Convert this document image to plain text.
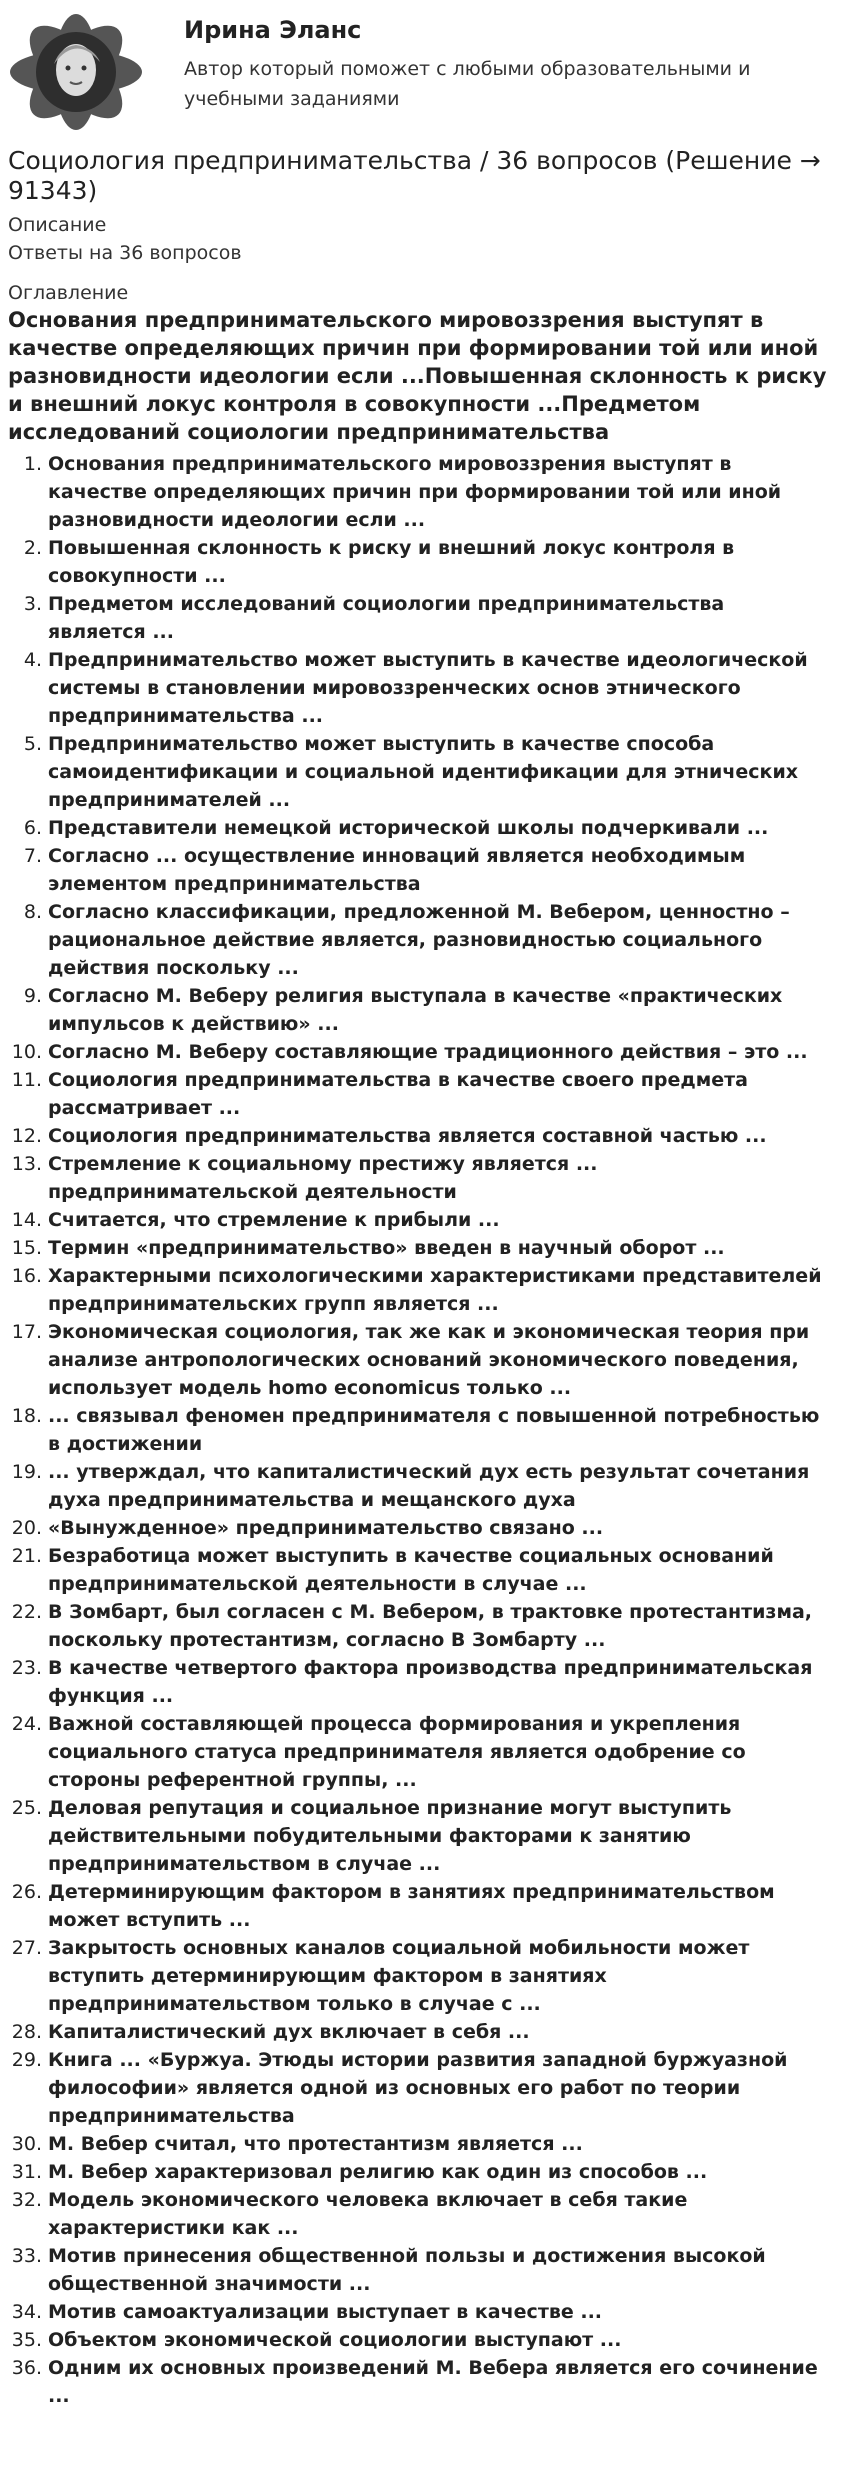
Ирина Эланс
Автор который поможет с любыми образовательными и учебными заданиями
Социология предпринимательства / 36 вопросов (Решение → 91343)
Описание
Ответы на 36 вопросов
Оглавление
Основания предпринимательского мировоззрения выступят в качестве определяющих причин при формировании той или иной разновидности идеологии если ...Повышенная склонность к риску и внешний локус контроля в совокупности ...Предметом исследований социологии предпринимательства
1. Основания предпринимательского мировоззрения выступят в качестве определяющих причин при формировании той или иной разновидности идеологии если ...
2. Повышенная склонность к риску и внешний локус контроля в совокупности ...
3. Предметом исследований социологии предпринимательства является ...
4. Предпринимательство может выступить в качестве идеологической системы в становлении мировоззренческих основ этнического предпринимательства ...
5. Предпринимательство может выступить в качестве способа самоидентификации и социальной идентификации для этнических предпринимателей ...
6. Представители немецкой исторической школы подчеркивали ...
7. Согласно ... осуществление инноваций является необходимым элементом предпринимательства
8. Согласно классификации, предложенной М. Вебером, ценностно – рациональное действие является, разновидностью социального действия поскольку ...
9. Согласно М. Веберу религия выступала в качестве «практических импульсов к действию» ...
10. Согласно М. Веберу составляющие традиционного действия – это ...
11. Социология предпринимательства в качестве своего предмета рассматривает ...
12. Социология предпринимательства является составной частью ...
13. Стремление к социальному престижу является ... предпринимательской деятельности
14. Считается, что стремление к прибыли ...
15. Термин «предпринимательство» введен в научный оборот ...
16. Характерными психологическими характеристиками представителей предпринимательских групп является ...
17. Экономическая социология, так же как и экономическая теория при анализе антропологических оснований экономического поведения, использует модель homo economicus только ...
18. ... связывал феномен предпринимателя с повышенной потребностью в достижении
19. ... утверждал, что капиталистический дух есть результат сочетания духа предпринимательства и мещанского духа
20. «Вынужденное» предпринимательство связано ...
21. Безработица может выступить в качестве социальных оснований предпринимательской деятельности в случае ...
22. В Зомбарт, был согласен с М. Вебером, в трактовке протестантизма, поскольку протестантизм, согласно В Зомбарту ...
23. В качестве четвертого фактора производства предпринимательская функция ...
24. Важной составляющей процесса формирования и укрепления социального статуса предпринимателя является одобрение со стороны референтной группы, ...
25. Деловая репутация и социальное признание могут выступить действительными побудительными факторами к занятию предпринимательством в случае ...
26. Детерминирующим фактором в занятиях предпринимательством может вступить ...
27. Закрытость основных каналов социальной мобильности может вступить детерминирующим фактором в занятиях предпринимательством только в случае с ...
28. Капиталистический дух включает в себя ...
29. Книга ... «Буржуа. Этюды истории развития западной буржуазной философии» является одной из основных его работ по теории предпринимательства
30. М. Вебер считал, что протестантизм является ...
31. М. Вебер характеризовал религию как один из способов ...
32. Модель экономического человека включает в себя такие характеристики как ...
33. Мотив принесения общественной пользы и достижения высокой общественной значимости ...
34. Мотив самоактуализации выступает в качестве ...
35. Объектом экономической социологии выступают ...
36. Одним их основных произведений М. Вебера является его сочинение ...
